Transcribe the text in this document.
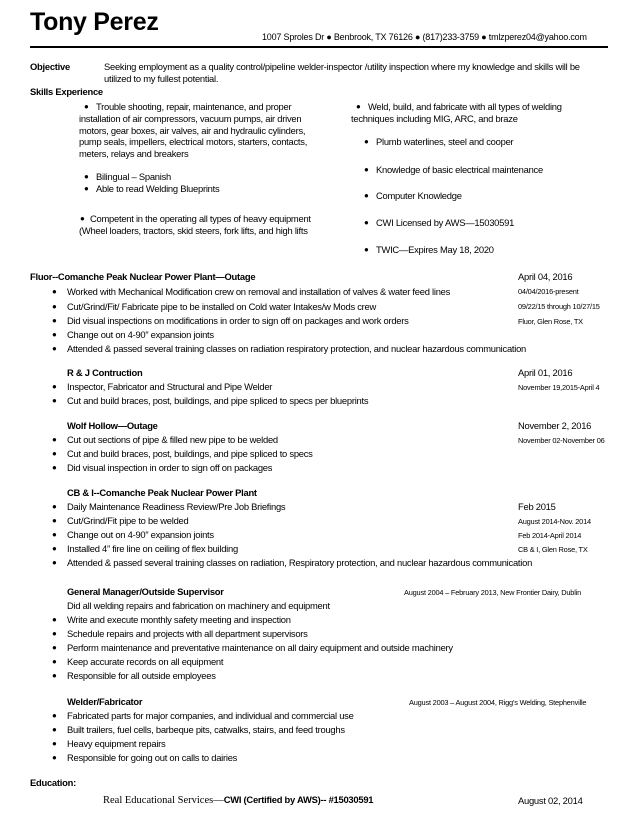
Tony Perez
1007 Sproles Dr ● Benbrook, TX 76126 ● (817)233-3759 ● tmlzperez04@yahoo.com
Objective	Seeking employment as a quality control/pipeline welder-inspector /utility inspection where my knowledge and skills will be utilized to my fullest potential.
Skills Experience
● Trouble shooting, repair, maintenance, and proper installation of air compressors, vacuum pumps, air driven motors, gear boxes, air valves, air and hydraulic cylinders, pump seals, impellers, electrical motors, starters, contacts, meters, relays and breakers
● Bilingual – Spanish
● Able to read Welding Blueprints
● Competent in the operating all types of heavy equipment (Wheel loaders, tractors, skid steers, fork lifts, and high lifts
● Weld, build, and fabricate with all types of welding techniques including MIG, ARC, and braze
● Plumb waterlines, steel and cooper
● Knowledge of basic electrical maintenance
● Computer Knowledge
● CWI Licensed by AWS—15030591
● TWIC—Expires May 18, 2020
Fluor--Comanche Peak Nuclear Power Plant—Outage	April 04, 2016
● Worked with Mechanical Modification crew on removal and installation of valves & water feed lines	04/04/2016-present
● Cut/Grind/Fit/ Fabricate pipe to be installed on Cold water Intakes/w Mods crew	09/22/15 through 10/27/15
● Did visual inspections on modifications in order to sign off on packages and work orders	Fluor, Glen Rose, TX
● Change out on 4-90” expansion joints
● Attended & passed several training classes on radiation respiratory protection, and nuclear hazardous communication
R & J Contruction	April 01, 2016
● Inspector, Fabricator and Structural and Pipe Welder	November 19,2015-April 4
● Cut and build braces, post, buildings, and pipe spliced to specs per blueprints
Wolf Hollow—Outage	November 2, 2016
● Cut out sections of pipe & filled new pipe to be welded	November 02-November 06
● Cut and build braces, post, buildings, and pipe spliced to specs
● Did visual inspection in order to sign off on packages
CB & I--Comanche Peak Nuclear Power Plant
● Daily Maintenance Readiness Review/Pre Job Briefings	Feb 2015
● Cut/Grind/Fit pipe to be welded	August 2014-Nov. 2014
● Change out on 4-90” expansion joints	Feb 2014-April 2014
● Installed 4” fire line on ceiling of flex building	CB & I, Glen Rose, TX
● Attended & passed several training classes on radiation, Respiratory protection, and nuclear hazardous communication
General Manager/Outside Supervisor	August 2004 – February 2013, New Frontier Dairy, Dublin
Did all welding repairs and fabrication on machinery and equipment
● Write and execute monthly safety meeting and inspection
● Schedule repairs and projects with all department supervisors
● Perform maintenance and preventative maintenance on all dairy equipment and outside machinery
● Keep accurate records on all equipment
● Responsible for all outside employees
Welder/Fabricator	August 2003 – August 2004, Rigg’s Welding, Stephenville
● Fabricated parts for major companies, and individual and commercial use
● Built trailers, fuel cells, barbeque pits, catwalks, stairs, and feed troughs
● Heavy equipment repairs
● Responsible for going out on calls to dairies
Education:
Real Educational Services—CWI (Certified by AWS)-- #15030591	August 02, 2014
